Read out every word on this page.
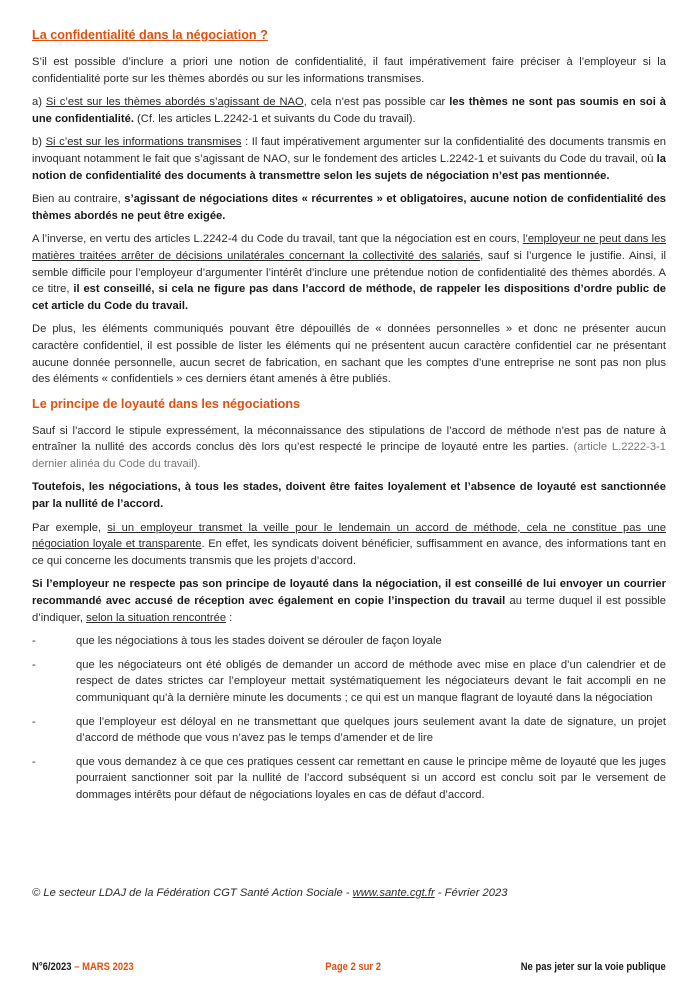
La confidentialité dans la négociation ?

S’il est possible d’inclure a priori une notion de confidentialité, il faut impérativement faire préciser à l’employeur si la confidentialité porte sur les thèmes abordés ou sur les informations transmises.

a) Si c’est sur les thèmes abordés s’agissant de NAO, cela n’est pas possible car les thèmes ne sont pas soumis en soi à une confidentialité. (Cf. les articles L.2242-1 et suivants du Code du travail).

b) Si c’est sur les informations transmises : Il faut impérativement argumenter sur la confidentialité des documents transmis en invoquant notamment le fait que s’agissant de NAO, sur le fondement des articles L.2242-1 et suivants du Code du travail, où la notion de confidentialité des documents à transmettre selon les sujets de négociation n’est pas mentionnée.

Bien au contraire, s’agissant de négociations dites « récurrentes » et obligatoires, aucune notion de confidentialité des thèmes abordés ne peut être exigée.

A l’inverse, en vertu des articles L.2242-4 du Code du travail, tant que la négociation est en cours, l’employeur ne peut dans les matières traitées arrêter de décisions unilatérales concernant la collectivité des salariés, sauf si l’urgence le justifie. Ainsi, il semble difficile pour l’employeur d’argumenter l’intérêt d’inclure une prétendue notion de confidentialité des thèmes abordés. A ce titre, il est conseillé, si cela ne figure pas dans l’accord de méthode, de rappeler les dispositions d’ordre public de cet article du Code du travail.

De plus, les éléments communiqués pouvant être dépouillés de « données personnelles » et donc ne présenter aucun caractère confidentiel, il est possible de lister les éléments qui ne présentent aucun caractère confidentiel car ne présentant aucune donnée personnelle, aucun secret de fabrication, en sachant que les comptes d’une entreprise ne sont pas non plus des éléments « confidentiels » ces derniers étant amenés à être publiés.

Le principe de loyauté dans les négociations

Sauf si l’accord le stipule expressément, la méconnaissance des stipulations de l’accord de méthode n’est pas de nature à entraîner la nullité des accords conclus dès lors qu’est respecté le principe de loyauté entre les parties. (article L.2222-3-1 dernier alinéa du Code du travail).

Toutefois, les négociations, à tous les stades, doivent être faites loyalement et l’absence de loyauté est sanctionnée par la nullité de l’accord.

Par exemple, si un employeur transmet la veille pour le lendemain un accord de méthode, cela ne constitue pas une négociation loyale et transparente. En effet, les syndicats doivent bénéficier, suffisamment en avance, des informations tant en ce qui concerne les documents transmis que les projets d’accord.

Si l’employeur ne respecte pas son principe de loyauté dans la négociation, il est conseillé de lui envoyer un courrier recommandé avec accusé de réception avec également en copie l’inspection du travail au terme duquel il est possible d’indiquer, selon la situation rencontrée :

-	que les négociations à tous les stades doivent se dérouler de façon loyale
-	que les négociateurs ont été obligés de demander un accord de méthode avec mise en place d’un calendrier et de respect de dates strictes car l’employeur mettait systématiquement les négociateurs devant le fait accompli en ne communiquant qu’à la dernière minute les documents ; ce qui est un manque flagrant de loyauté dans la négociation
-	que l’employeur est déloyal en ne transmettant que quelques jours seulement avant la date de signature, un projet d’accord de méthode que vous n’avez pas le temps d’amender et de lire
-	que vous demandez à ce que ces pratiques cessent car remettant en cause le principe même de loyauté que les juges pourraient sanctionner soit par la nullité de l’accord subséquent si un accord est conclu soit par le versement de dommages intérêts pour défaut de négociations loyales en cas de défaut d’accord.
© Le secteur LDAJ de la Fédération CGT Santé Action Sociale - www.sante.cgt.fr - Février 2023
N°6/2023 – MARS 2023	Page 2 sur 2	Ne pas jeter sur la voie publique
